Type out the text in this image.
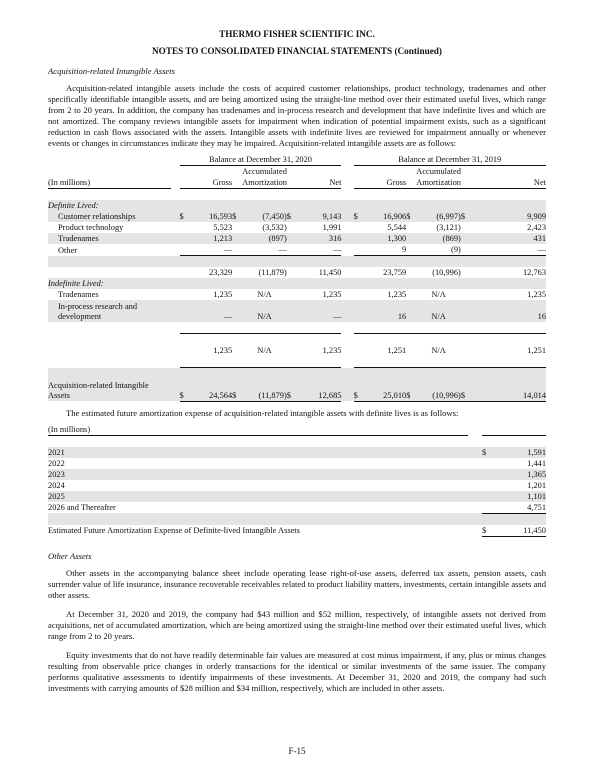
THERMO FISHER SCIENTIFIC INC.
NOTES TO CONSOLIDATED FINANCIAL STATEMENTS (Continued)
Acquisition-related Intangible Assets

Acquisition-related intangible assets include the costs of acquired customer relationships, product technology, tradenames and other specifically identifiable intangible assets, and are being amortized using the straight-line method over their estimated useful lives, which range from 2 to 20 years. In addition, the company has tradenames and in-process research and development that have indefinite lives and which are not amortized. The company reviews intangible assets for impairment when indication of potential impairment exists, such as a significant reduction in cash flows associated with the assets. Intangible assets with indefinite lives are reviewed for impairment annually or whenever events or changes in circumstances indicate they may be impaired. Acquisition-related intangible assets are as follows:

		Balance at December 31, 2020							Balance at December 31, 2019					
					Accumulated							Accumulated		
(In millions)			Gross		Amortization		Net			Gross		Amortization		Net

Definite Lived:														
Customer relationships		$	16,593	$	(7,450)	$	9,143		$	16,906	$	(6,997)	$	9,909
Product technology			5,523		(3,532)		1,991			5,544		(3,121)		2,423
Tradenames			1,213		(897)		316			1,300		(869)		431
Other			—		—		—			9		(9)		—

			23,329		(11,879)		11,450			23,759		(10,996)		12,763
Indefinite Lived:														
Tradenames			1,235		N/A		1,235			1,235		N/A		1,235
In-process research and development			—		N/A		—			16		N/A		16

			1,235		N/A		1,235			1,251		N/A		1,251

Acquisition-related Intangible Assets		$	24,564	$	(11,879)	$	12,685		$	25,010	$	(10,996)	$	14,014

The estimated future amortization expense of acquisition-related intangible assets with definite lives is as follows:

(In millions)			

2021		$	1,591
2022			1,441
2023			1,365
2024			1,201
2025			1,101
2026 and Thereafter			4,751

Estimated Future Amortization Expense of Definite-lived Intangible Assets		$	11,450
Other Assets

Other assets in the accompanying balance sheet include operating lease right-of-use assets, deferred tax assets, pension assets, cash surrender value of life insurance, insurance recoverable receivables related to product liability matters, investments, certain intangible assets and other assets.

At December 31, 2020 and 2019, the company had $43 million and $52 million, respectively, of intangible assets not derived from acquisitions, net of accumulated amortization, which are being amortized using the straight-line method over their estimated useful lives, which range from 2 to 20 years.

Equity investments that do not have readily determinable fair values are measured at cost minus impairment, if any, plus or minus changes resulting from observable price changes in orderly transactions for the identical or similar investments of the same issuer. The company performs qualitative assessments to identify impairments of these investments. At December 31, 2020 and 2019, the company had such investments with carrying amounts of $28 million and $34 million, respectively, which are included in other assets.

F-15
